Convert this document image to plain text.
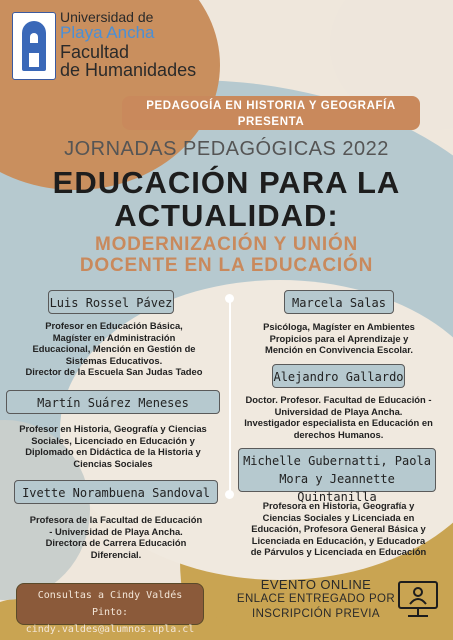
Universidad de
Playa Ancha
Facultad
de Humanidades
PEDAGOGÍA EN HISTORIA Y GEOGRAFÍA
PRESENTA
JORNADAS PEDAGÓGICAS 2022
EDUCACIÓN PARA LA
ACTUALIDAD:
MODERNIZACIÓN Y UNIÓN
DOCENTE EN LA EDUCACIÓN
Luis Rossel Pávez
Profesor en Educación Básica,
Magíster en Administración
Educacional, Mención en Gestión de
Sistemas Educativos.
Director de la Escuela San Judas Tadeo
Marcela Salas
Psicóloga, Magíster en Ambientes
Propicios para el Aprendizaje y
Mención en Convivencia Escolar.
Alejandro Gallardo
Doctor. Profesor. Facultad de Educación -
Universidad de Playa Ancha.
Investigador especialista en Educación en
derechos Humanos.
Martín Suárez Meneses
Profesor en Historia, Geografía y Ciencias
Sociales, Licenciado en Educación y
Diplomado en Didáctica de la Historia y
Ciencias Sociales	Michelle Gubernatti, Paola
Mora y Jeannette Quintanilla
Profesora en Historia, Geografía y
Ciencias Sociales y Licenciada en
Educación, Profesora General Básica y
Licenciada en Educación, y Educadora
de Párvulos y Licenciada en Educación
Ivette Norambuena Sandoval
Profesora de la Facultad de Educación
- Universidad de Playa Ancha.
Directora de Carrera Educación
Diferencial.
Consultas a Cindy Valdés Pinto:
cindy.valdes@alumnos.upla.cl
EVENTO ONLINE
ENLACE ENTREGADO POR
INSCRIPCIÓN PREVIA
